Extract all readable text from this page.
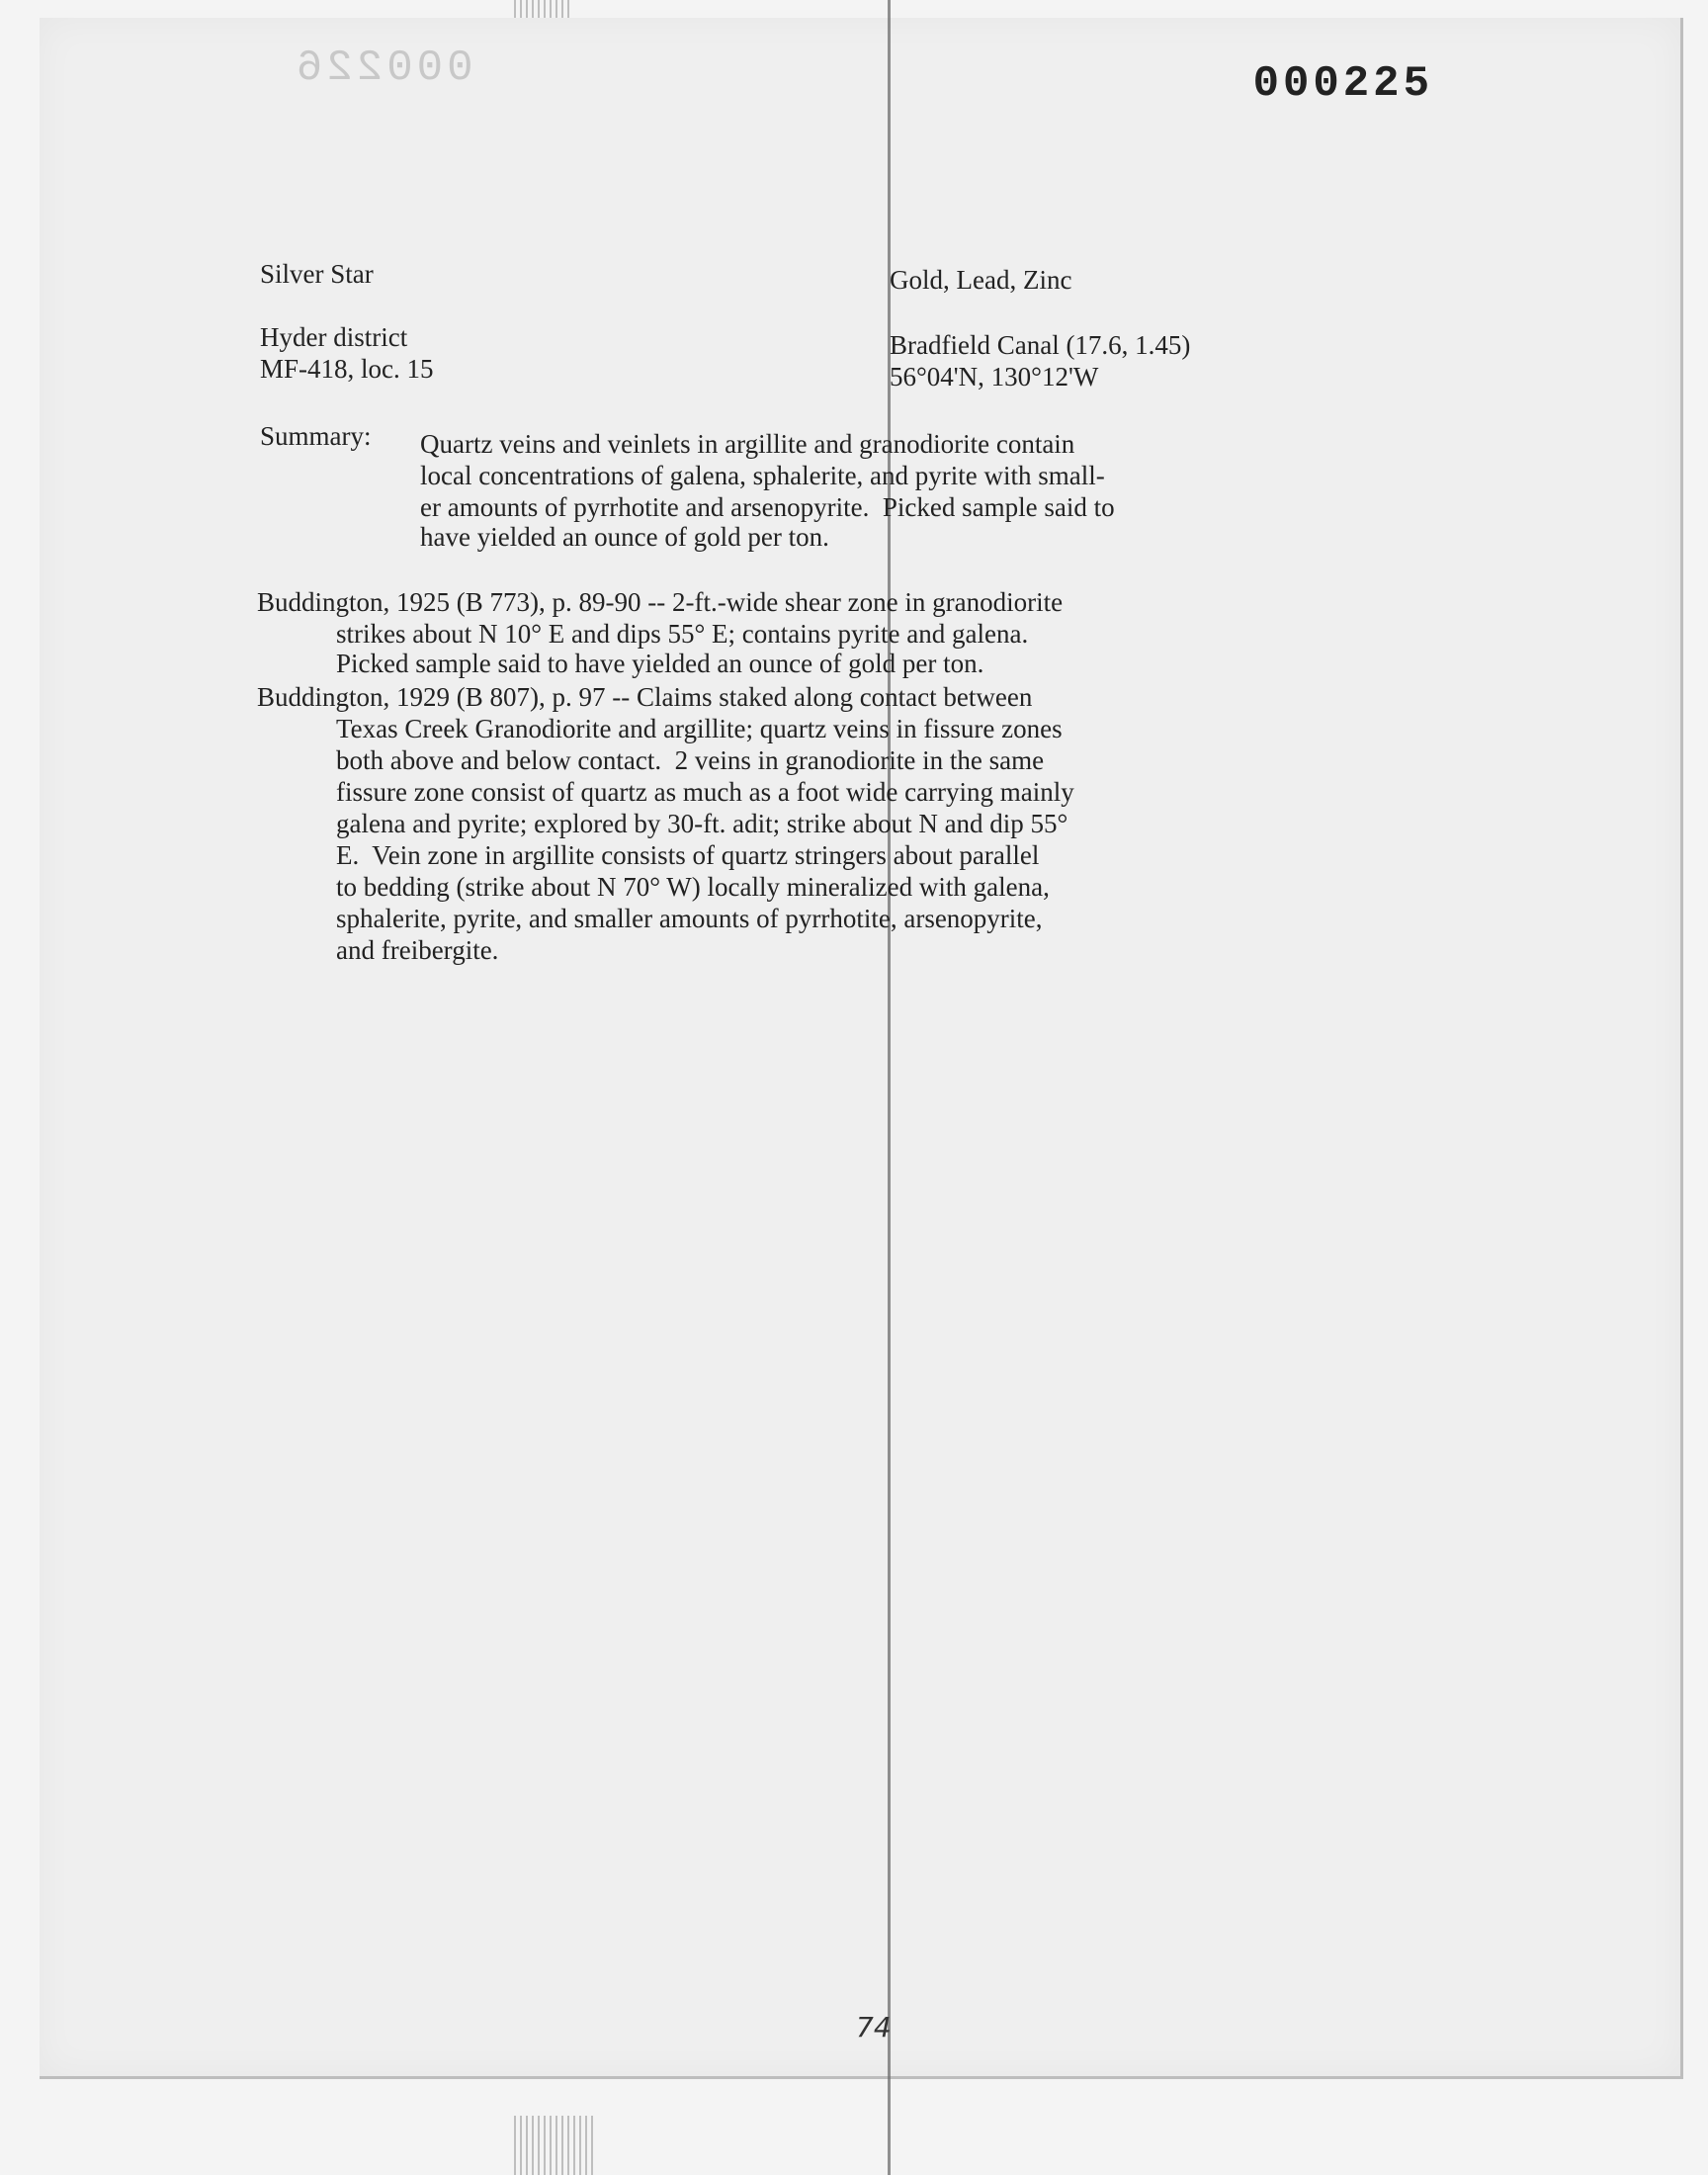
000226	000225
Silver Star
Hyder district
MF-418, loc. 15
Gold, Lead, Zinc
Bradfield Canal (17.6, 1.45)
56°04'N, 130°12'W
Summary: Quartz veins and veinlets in argillite and granodiorite contain
local concentrations of galena, sphalerite, and pyrite with small-
er amounts of pyrrhotite and arsenopyrite.  Picked sample said to
have yielded an ounce of gold per ton.
Buddington, 1925 (B 773), p. 89-90 -- 2-ft.-wide shear zone in granodiorite
strikes about N 10° E and dips 55° E; contains pyrite and galena.
Picked sample said to have yielded an ounce of gold per ton.
Buddington, 1929 (B 807), p. 97 -- Claims staked along contact between
Texas Creek Granodiorite and argillite; quartz veins in fissure zones
both above and below contact.  2 veins in granodiorite in the same
fissure zone consist of quartz as much as a foot wide carrying mainly
galena and pyrite; explored by 30-ft. adit; strike about N and dip 55°
E.  Vein zone in argillite consists of quartz stringers about parallel
to bedding (strike about N 70° W) locally mineralized with galena,
sphalerite, pyrite, and smaller amounts of pyrrhotite, arsenopyrite,
and freibergite.
74
